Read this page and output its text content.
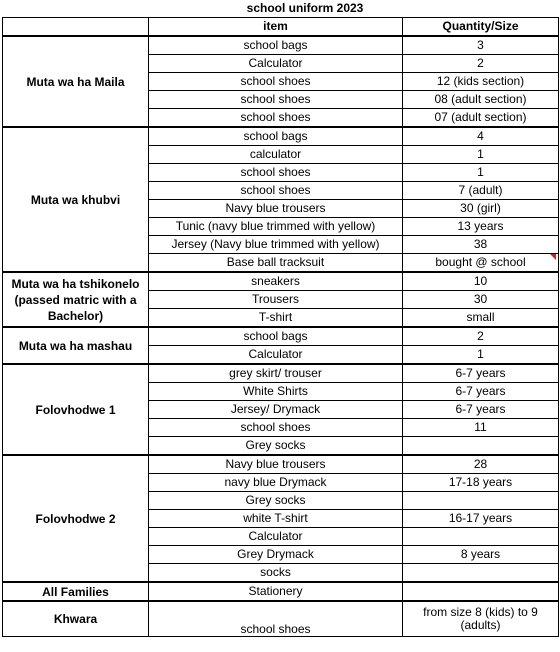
school uniform 2023
	item	Quantity/Size
Muta wa ha Maila	school bags	3
	Calculator	2
	school shoes	12 (kids section)
	school shoes	08 (adult section)
	school shoes	07 (adult section)
Muta wa khubvi	school bags	4
	calculator	1
	school shoes	1
	school shoes	7 (adult)
	Navy blue trousers	30 (girl)
	Tunic (navy blue trimmed with yellow)	13 years
	Jersey (Navy blue trimmed with yellow)	38
	Base ball tracksuit	bought @ school

Muta wa ha tshikonelo (passed matric with a Bachelor)	sneakers	10
	Trousers	30
	T-shirt	small
Muta wa ha mashau	school bags	2
	Calculator	1
Folovhodwe 1	grey skirt/ trouser	6-7 years
	White Shirts	6-7 years
	Jersey/ Drymack	6-7 years
	school shoes	11
	Grey socks	
Folovhodwe 2	Navy blue trousers	28
	navy blue Drymack	17-18 years
	Grey socks	
	white T-shirt	16-17 years
	Calculator	
	Grey Drymack	8 years
	socks	
All Families	Stationery	
Khwara	school shoes	from size 8 (kids) to 9 (adults)
